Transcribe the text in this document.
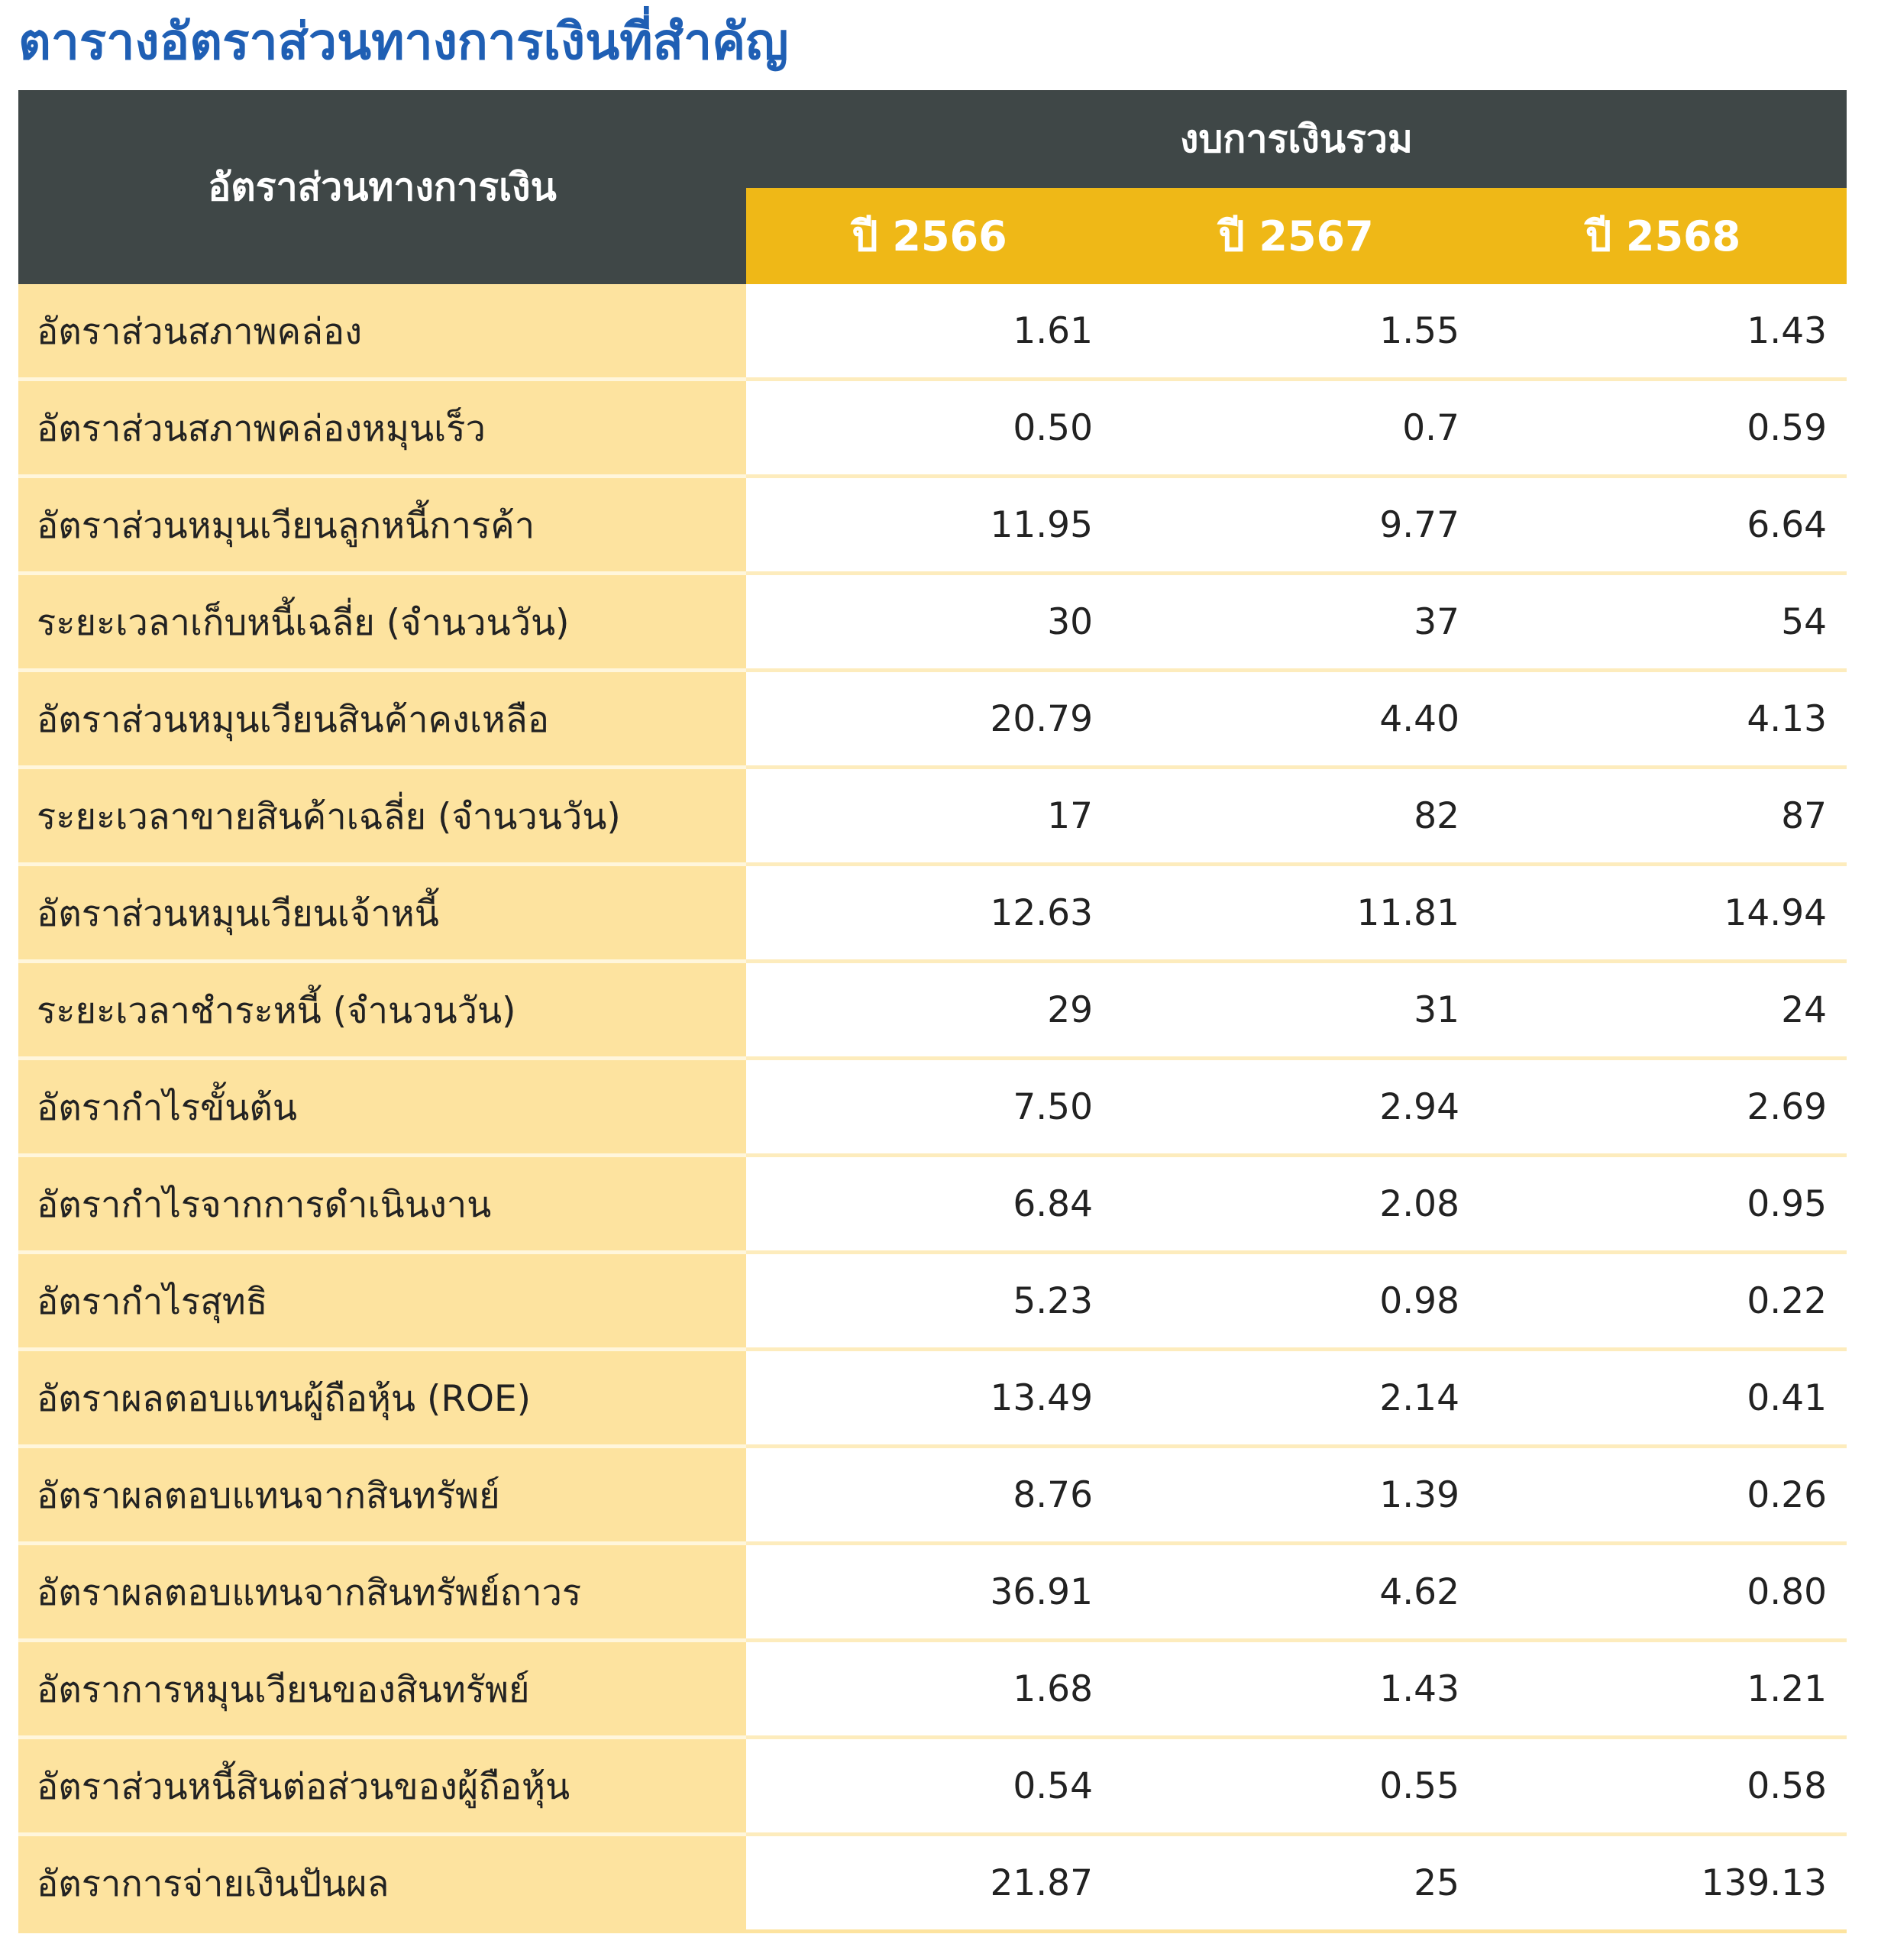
ตารางอัตราส่วนทางการเงินที่สำคัญ
อัตราส่วนทางการเงิน	งบการเงินรวม		
	ปี 2566	ปี 2567	ปี 2568
อัตราส่วนสภาพคล่อง	1.61	1.55	1.43
อัตราส่วนสภาพคล่องหมุนเร็ว	0.50	0.7	0.59
อัตราส่วนหมุนเวียนลูกหนี้การค้า	11.95	9.77	6.64
ระยะเวลาเก็บหนี้เฉลี่ย (จำนวนวัน)	30	37	54
อัตราส่วนหมุนเวียนสินค้าคงเหลือ	20.79	4.40	4.13
ระยะเวลาขายสินค้าเฉลี่ย (จำนวนวัน)	17	82	87
อัตราส่วนหมุนเวียนเจ้าหนี้	12.63	11.81	14.94
ระยะเวลาชำระหนี้ (จำนวนวัน)	29	31	24
อัตรากำไรขั้นต้น	7.50	2.94	2.69
อัตรากำไรจากการดำเนินงาน	6.84	2.08	0.95
อัตรากำไรสุทธิ	5.23	0.98	0.22
อัตราผลตอบแทนผู้ถือหุ้น (ROE)	13.49	2.14	0.41
อัตราผลตอบแทนจากสินทรัพย์	8.76	1.39	0.26
อัตราผลตอบแทนจากสินทรัพย์ถาวร	36.91	4.62	0.80
อัตราการหมุนเวียนของสินทรัพย์	1.68	1.43	1.21
อัตราส่วนหนี้สินต่อส่วนของผู้ถือหุ้น	0.54	0.55	0.58
อัตราการจ่ายเงินปันผล	21.87	25	139.13
